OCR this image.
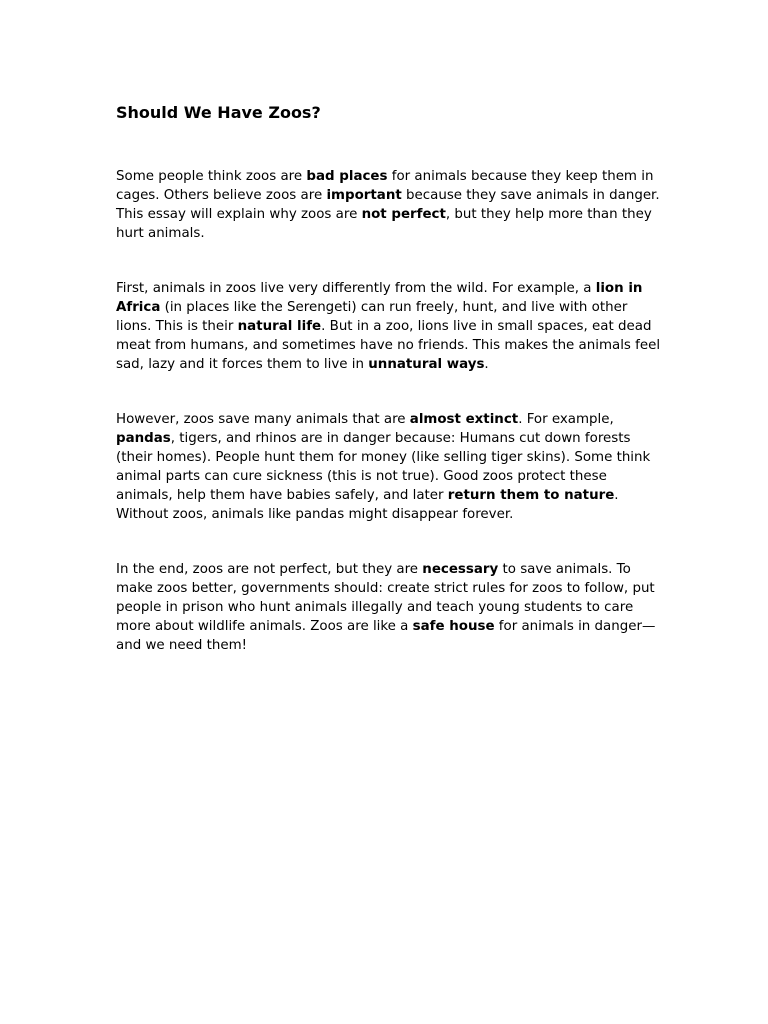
Should We Have Zoos?

Some people think zoos are bad places for animals because they keep them in cages. Others believe zoos are important because they save animals in danger. This essay will explain why zoos are not perfect, but they help more than they hurt animals.

First, animals in zoos live very differently from the wild. For example, a lion in Africa (in places like the Serengeti) can run freely, hunt, and live with other lions. This is their natural life. But in a zoo, lions live in small spaces, eat dead meat from humans, and sometimes have no friends. This makes the animals feel sad, lazy and it forces them to live in unnatural ways.

However, zoos save many animals that are almost extinct. For example, pandas, tigers, and rhinos are in danger because: Humans cut down forests (their homes). People hunt them for money (like selling tiger skins). Some think animal parts can cure sickness (this is not true). Good zoos protect these animals, help them have babies safely, and later return them to nature. Without zoos, animals like pandas might disappear forever.

In the end, zoos are not perfect, but they are necessary to save animals. To make zoos better, governments should: create strict rules for zoos to follow, put people in prison who hunt animals illegally and teach young students to care more about wildlife animals. Zoos are like a safe house for animals in danger—and we need them!
